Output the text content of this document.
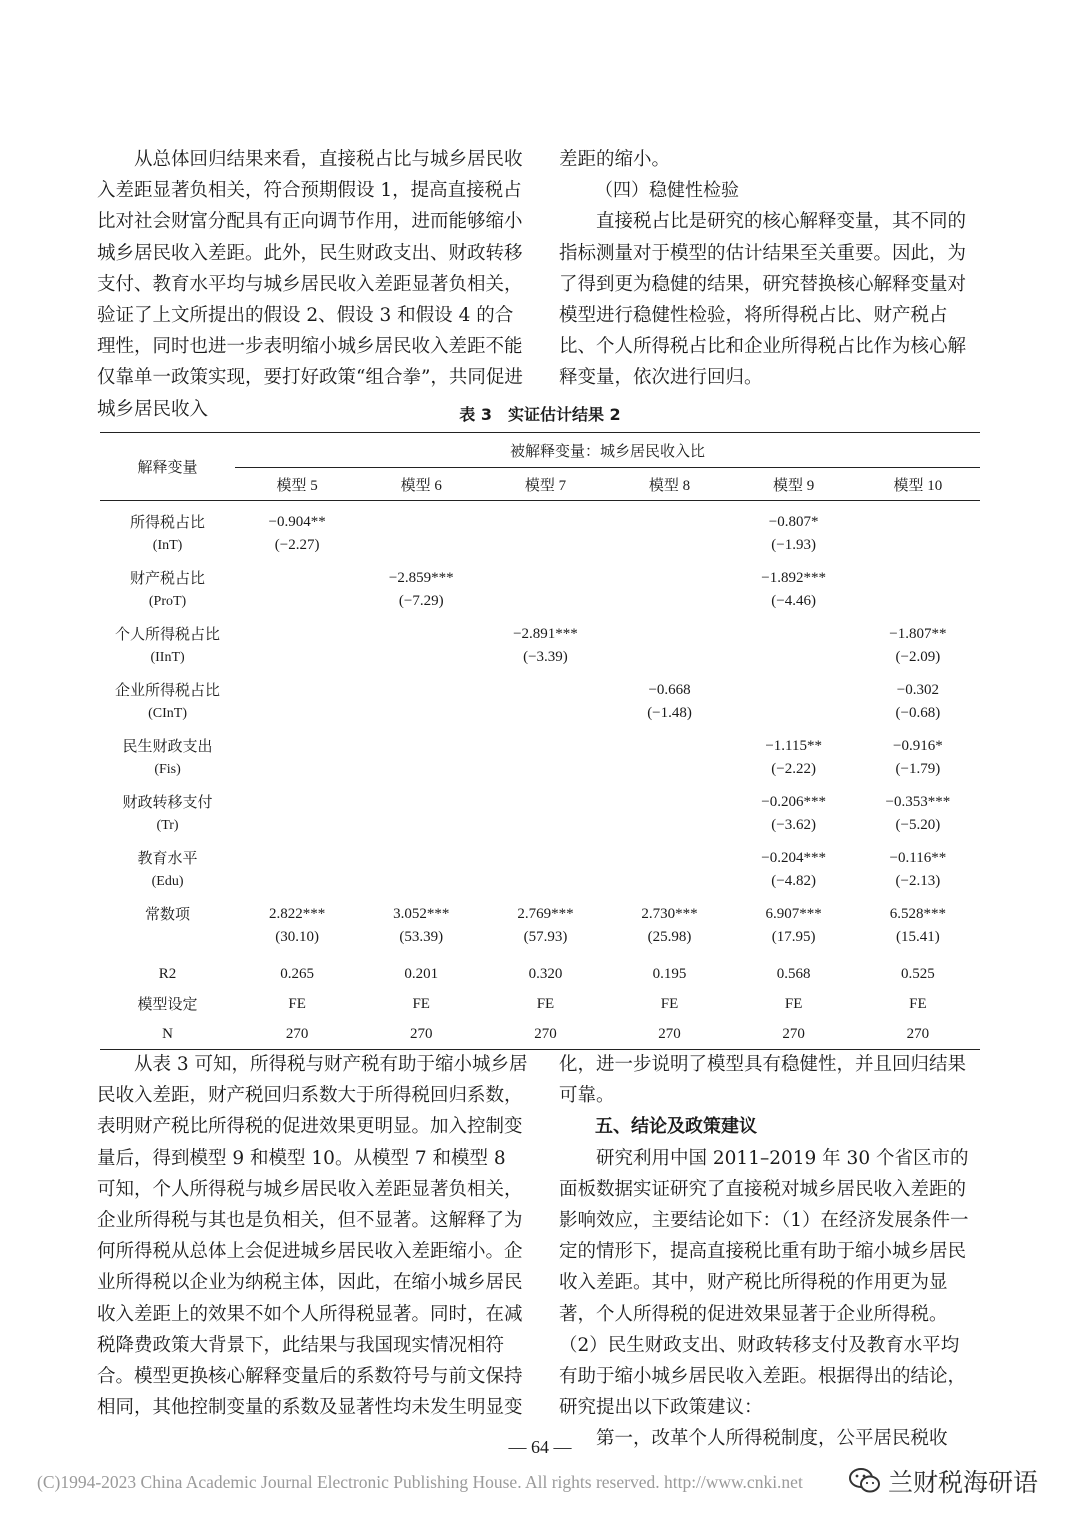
从总体回归结果来看，直接税占比与城乡居民收入差距显著负相关，符合预期假设 1，提高直接税占比对社会财富分配具有正向调节作用，进而能够缩小城乡居民收入差距。此外，民生财政支出、财政转移支付、教育水平均与城乡居民收入差距显著负相关，验证了上文所提出的假设 2、假设 3 和假设 4 的合理性，同时也进一步表明缩小城乡居民收入差距不能仅靠单一政策实现，要打好政策“组合拳”，共同促进城乡居民收入

差距的缩小。

（四）稳健性检验

直接税占比是研究的核心解释变量，其不同的指标测量对于模型的估计结果至关重要。因此，为了得到更为稳健的结果，研究替换核心解释变量对模型进行稳健性检验，将所得税占比、财产税占比、个人所得税占比和企业所得税占比作为核心解释变量，依次进行回归。

表 3　实证估计结果 2
解释变量	被解释变量：城乡居民收入比					
	模型 5	模型 6	模型 7	模型 8	模型 9	模型 10

所得税占比	−0.904**				−0.807*	
(InT)	(−2.27)				(−1.93)	

财产税占比		−2.859***			−1.892***	
(ProT)		(−7.29)			(−4.46)	

个人所得税占比			−2.891***			−1.807**
(IInT)			(−3.39)			(−2.09)

企业所得税占比				−0.668		−0.302
(CInT)				(−1.48)		(−0.68)

民生财政支出					−1.115**	−0.916*
(Fis)					(−2.22)	(−1.79)

财政转移支付					−0.206***	−0.353***
(Tr)					(−3.62)	(−5.20)

教育水平					−0.204***	−0.116**
(Edu)					(−4.82)	(−2.13)

常数项	2.822***	3.052***	2.769***	2.730***	6.907***	6.528***
	(30.10)	(53.39)	(57.93)	(25.98)	(17.95)	(15.41)

R2	0.265	0.201	0.320	0.195	0.568	0.525
模型设定	FE	FE	FE	FE	FE	FE
N	270	270	270	270	270	270

从表 3 可知，所得税与财产税有助于缩小城乡居民收入差距，财产税回归系数大于所得税回归系数，表明财产税比所得税的促进效果更明显。加入控制变量后，得到模型 9 和模型 10。从模型 7 和模型 8 可知，个人所得税与城乡居民收入差距显著负相关，企业所得税与其也是负相关，但不显著。这解释了为何所得税从总体上会促进城乡居民收入差距缩小。企业所得税以企业为纳税主体，因此，在缩小城乡居民收入差距上的效果不如个人所得税显著。同时，在减税降费政策大背景下，此结果与我国现实情况相符合。模型更换核心解释变量后的系数符号与前文保持相同，其他控制变量的系数及显著性均未发生明显变

化，进一步说明了模型具有稳健性，并且回归结果可靠。

五、结论及政策建议

研究利用中国 2011–2019 年 30 个省区市的面板数据实证研究了直接税对城乡居民收入差距的影响效应，主要结论如下：（1）在经济发展条件一定的情形下，提高直接税比重有助于缩小城乡居民收入差距。其中，财产税比所得税的作用更为显著，个人所得税的促进效果显著于企业所得税。（2）民生财政支出、财政转移支付及教育水平均有助于缩小城乡居民收入差距。根据得出的结论，研究提出以下政策建议：

第一，改革个人所得税制度，公平居民税收

— 64 —
(C)1994-2023 China Academic Journal Electronic Publishing House. All rights reserved. http://www.cnki.net	兰财税海研语
